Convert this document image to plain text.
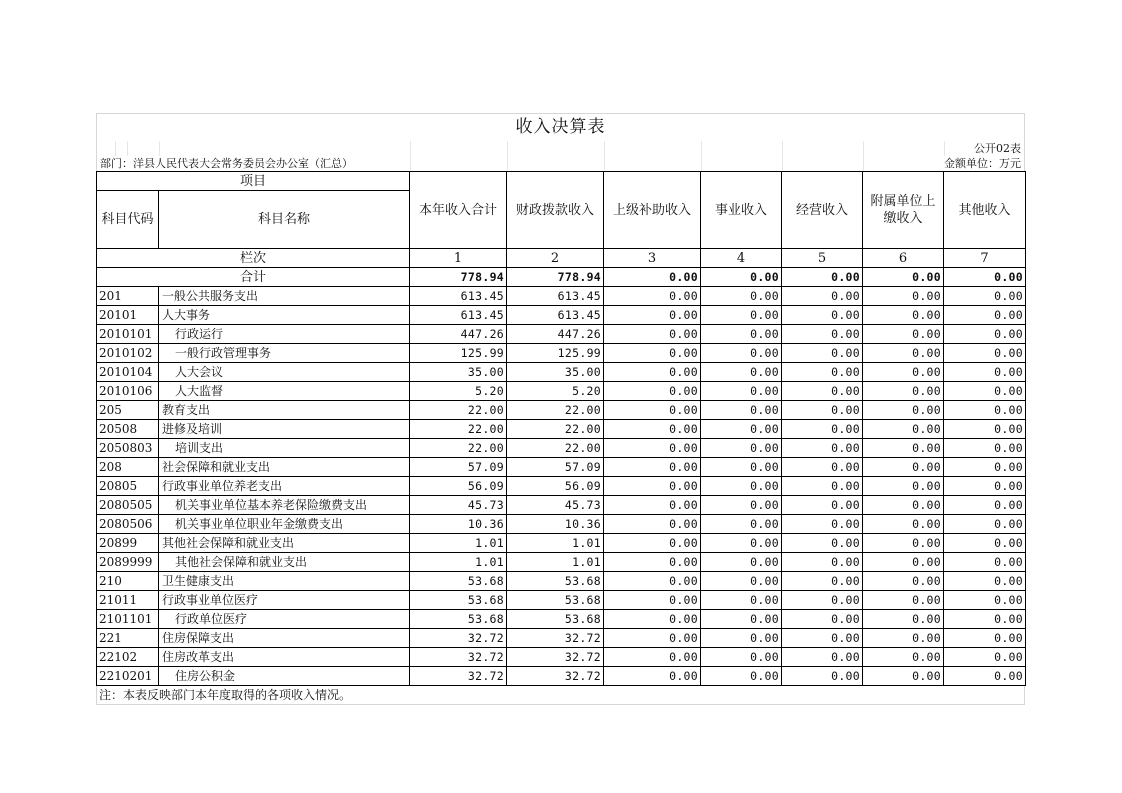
收入决算表
公开02表
部门：洋县人民代表大会常务委员会办公室（汇总）	金额单位：万元
项目		本年收入合计	财政拨款收入	上级补助收入	事业收入	经营收入	附属单位上缴收入	其他收入
科目代码	科目名称							
栏次		1	2	3	4	5	6	7
合计		778.94	778.94	0.00	0.00	0.00	0.00	0.00
201	一般公共服务支出	613.45	613.45	0.00	0.00	0.00	0.00	0.00
20101	人大事务	613.45	613.45	0.00	0.00	0.00	0.00	0.00
2010101	行政运行	447.26	447.26	0.00	0.00	0.00	0.00	0.00
2010102	一般行政管理事务	125.99	125.99	0.00	0.00	0.00	0.00	0.00
2010104	人大会议	35.00	35.00	0.00	0.00	0.00	0.00	0.00
2010106	人大监督	5.20	5.20	0.00	0.00	0.00	0.00	0.00
205	教育支出	22.00	22.00	0.00	0.00	0.00	0.00	0.00
20508	进修及培训	22.00	22.00	0.00	0.00	0.00	0.00	0.00
2050803	培训支出	22.00	22.00	0.00	0.00	0.00	0.00	0.00
208	社会保障和就业支出	57.09	57.09	0.00	0.00	0.00	0.00	0.00
20805	行政事业单位养老支出	56.09	56.09	0.00	0.00	0.00	0.00	0.00
2080505	机关事业单位基本养老保险缴费支出	45.73	45.73	0.00	0.00	0.00	0.00	0.00
2080506	机关事业单位职业年金缴费支出	10.36	10.36	0.00	0.00	0.00	0.00	0.00
20899	其他社会保障和就业支出	1.01	1.01	0.00	0.00	0.00	0.00	0.00
2089999	其他社会保障和就业支出	1.01	1.01	0.00	0.00	0.00	0.00	0.00
210	卫生健康支出	53.68	53.68	0.00	0.00	0.00	0.00	0.00
21011	行政事业单位医疗	53.68	53.68	0.00	0.00	0.00	0.00	0.00
2101101	行政单位医疗	53.68	53.68	0.00	0.00	0.00	0.00	0.00
221	住房保障支出	32.72	32.72	0.00	0.00	0.00	0.00	0.00
22102	住房改革支出	32.72	32.72	0.00	0.00	0.00	0.00	0.00
2210201	住房公积金	32.72	32.72	0.00	0.00	0.00	0.00	0.00
注：本表反映部门本年度取得的各项收入情况。
